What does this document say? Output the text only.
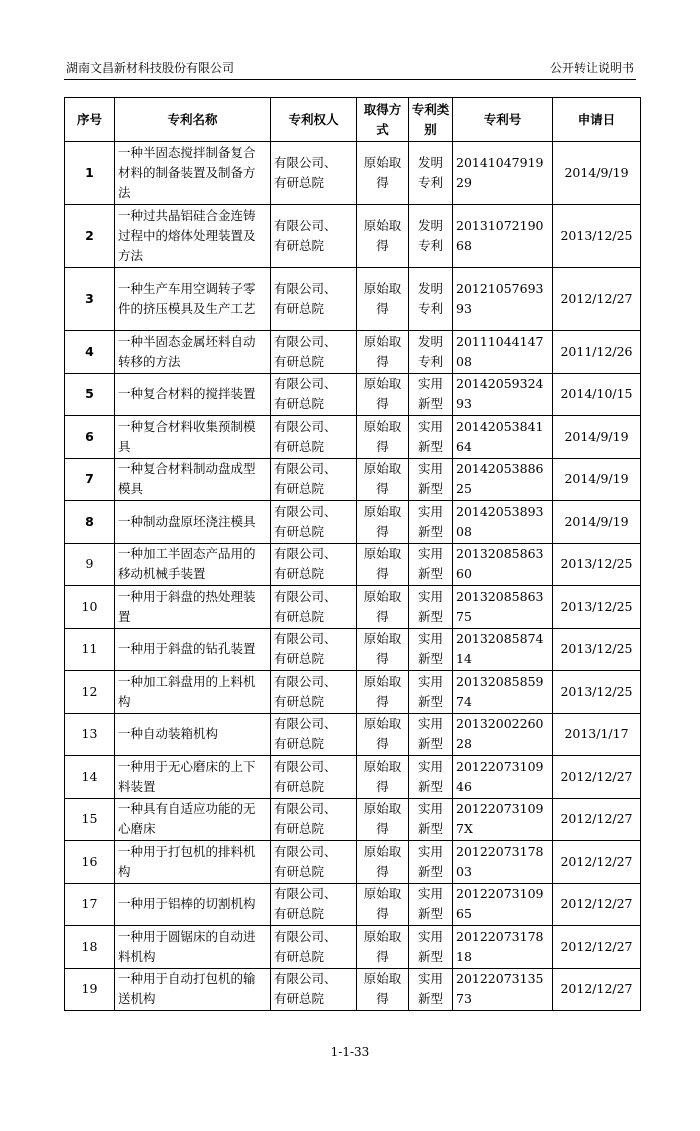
湖南文昌新材科技股份有限公司	公开转让说明书
序号	专利名称	专利权人	取得方式	专利类别	专利号	申请日
1	一种半固态搅拌制备复合材料的制备装置及制备方法	有限公司、
有研总院	原始取得	发明专利	2014104791929	2014/9/19
2	一种过共晶铝硅合金连铸过程中的熔体处理装置及方法	有限公司、
有研总院	原始取得	发明专利	2013107219068	2013/12/25
3	一种生产车用空调转子零件的挤压模具及生产工艺	有限公司、
有研总院	原始取得	发明专利	2012105769393	2012/12/27
4	一种半固态金属坯料自动转移的方法	有限公司、
有研总院	原始取得	发明专利	2011104414708	2011/12/26
5	一种复合材料的搅拌装置	有限公司、
有研总院	原始取得	实用新型	2014205932493	2014/10/15
6	一种复合材料收集预制模具	有限公司、
有研总院	原始取得	实用新型	2014205384164	2014/9/19
7	一种复合材料制动盘成型模具	有限公司、
有研总院	原始取得	实用新型	2014205388625	2014/9/19
8	一种制动盘原坯浇注模具	有限公司、
有研总院	原始取得	实用新型	2014205389308	2014/9/19
9	一种加工半固态产品用的移动机械手装置	有限公司、
有研总院	原始取得	实用新型	2013208586360	2013/12/25
10	一种用于斜盘的热处理装置	有限公司、
有研总院	原始取得	实用新型	2013208586375	2013/12/25
11	一种用于斜盘的钻孔装置	有限公司、
有研总院	原始取得	实用新型	2013208587414	2013/12/25
12	一种加工斜盘用的上料机构	有限公司、
有研总院	原始取得	实用新型	2013208585974	2013/12/25
13	一种自动装箱机构	有限公司、
有研总院	原始取得	实用新型	2013200226028	2013/1/17
14	一种用于无心磨床的上下料装置	有限公司、
有研总院	原始取得	实用新型	2012207310946	2012/12/27
15	一种具有自适应功能的无心磨床	有限公司、
有研总院	原始取得	实用新型	201220731097X	2012/12/27
16	一种用于打包机的排料机构	有限公司、
有研总院	原始取得	实用新型	2012207317803	2012/12/27
17	一种用于铝棒的切割机构	有限公司、
有研总院	原始取得	实用新型	2012207310965	2012/12/27
18	一种用于圆锯床的自动进料机构	有限公司、
有研总院	原始取得	实用新型	2012207317818	2012/12/27
19	一种用于自动打包机的输送机构	有限公司、
有研总院	原始取得	实用新型	2012207313573	2012/12/27
1-1-33
